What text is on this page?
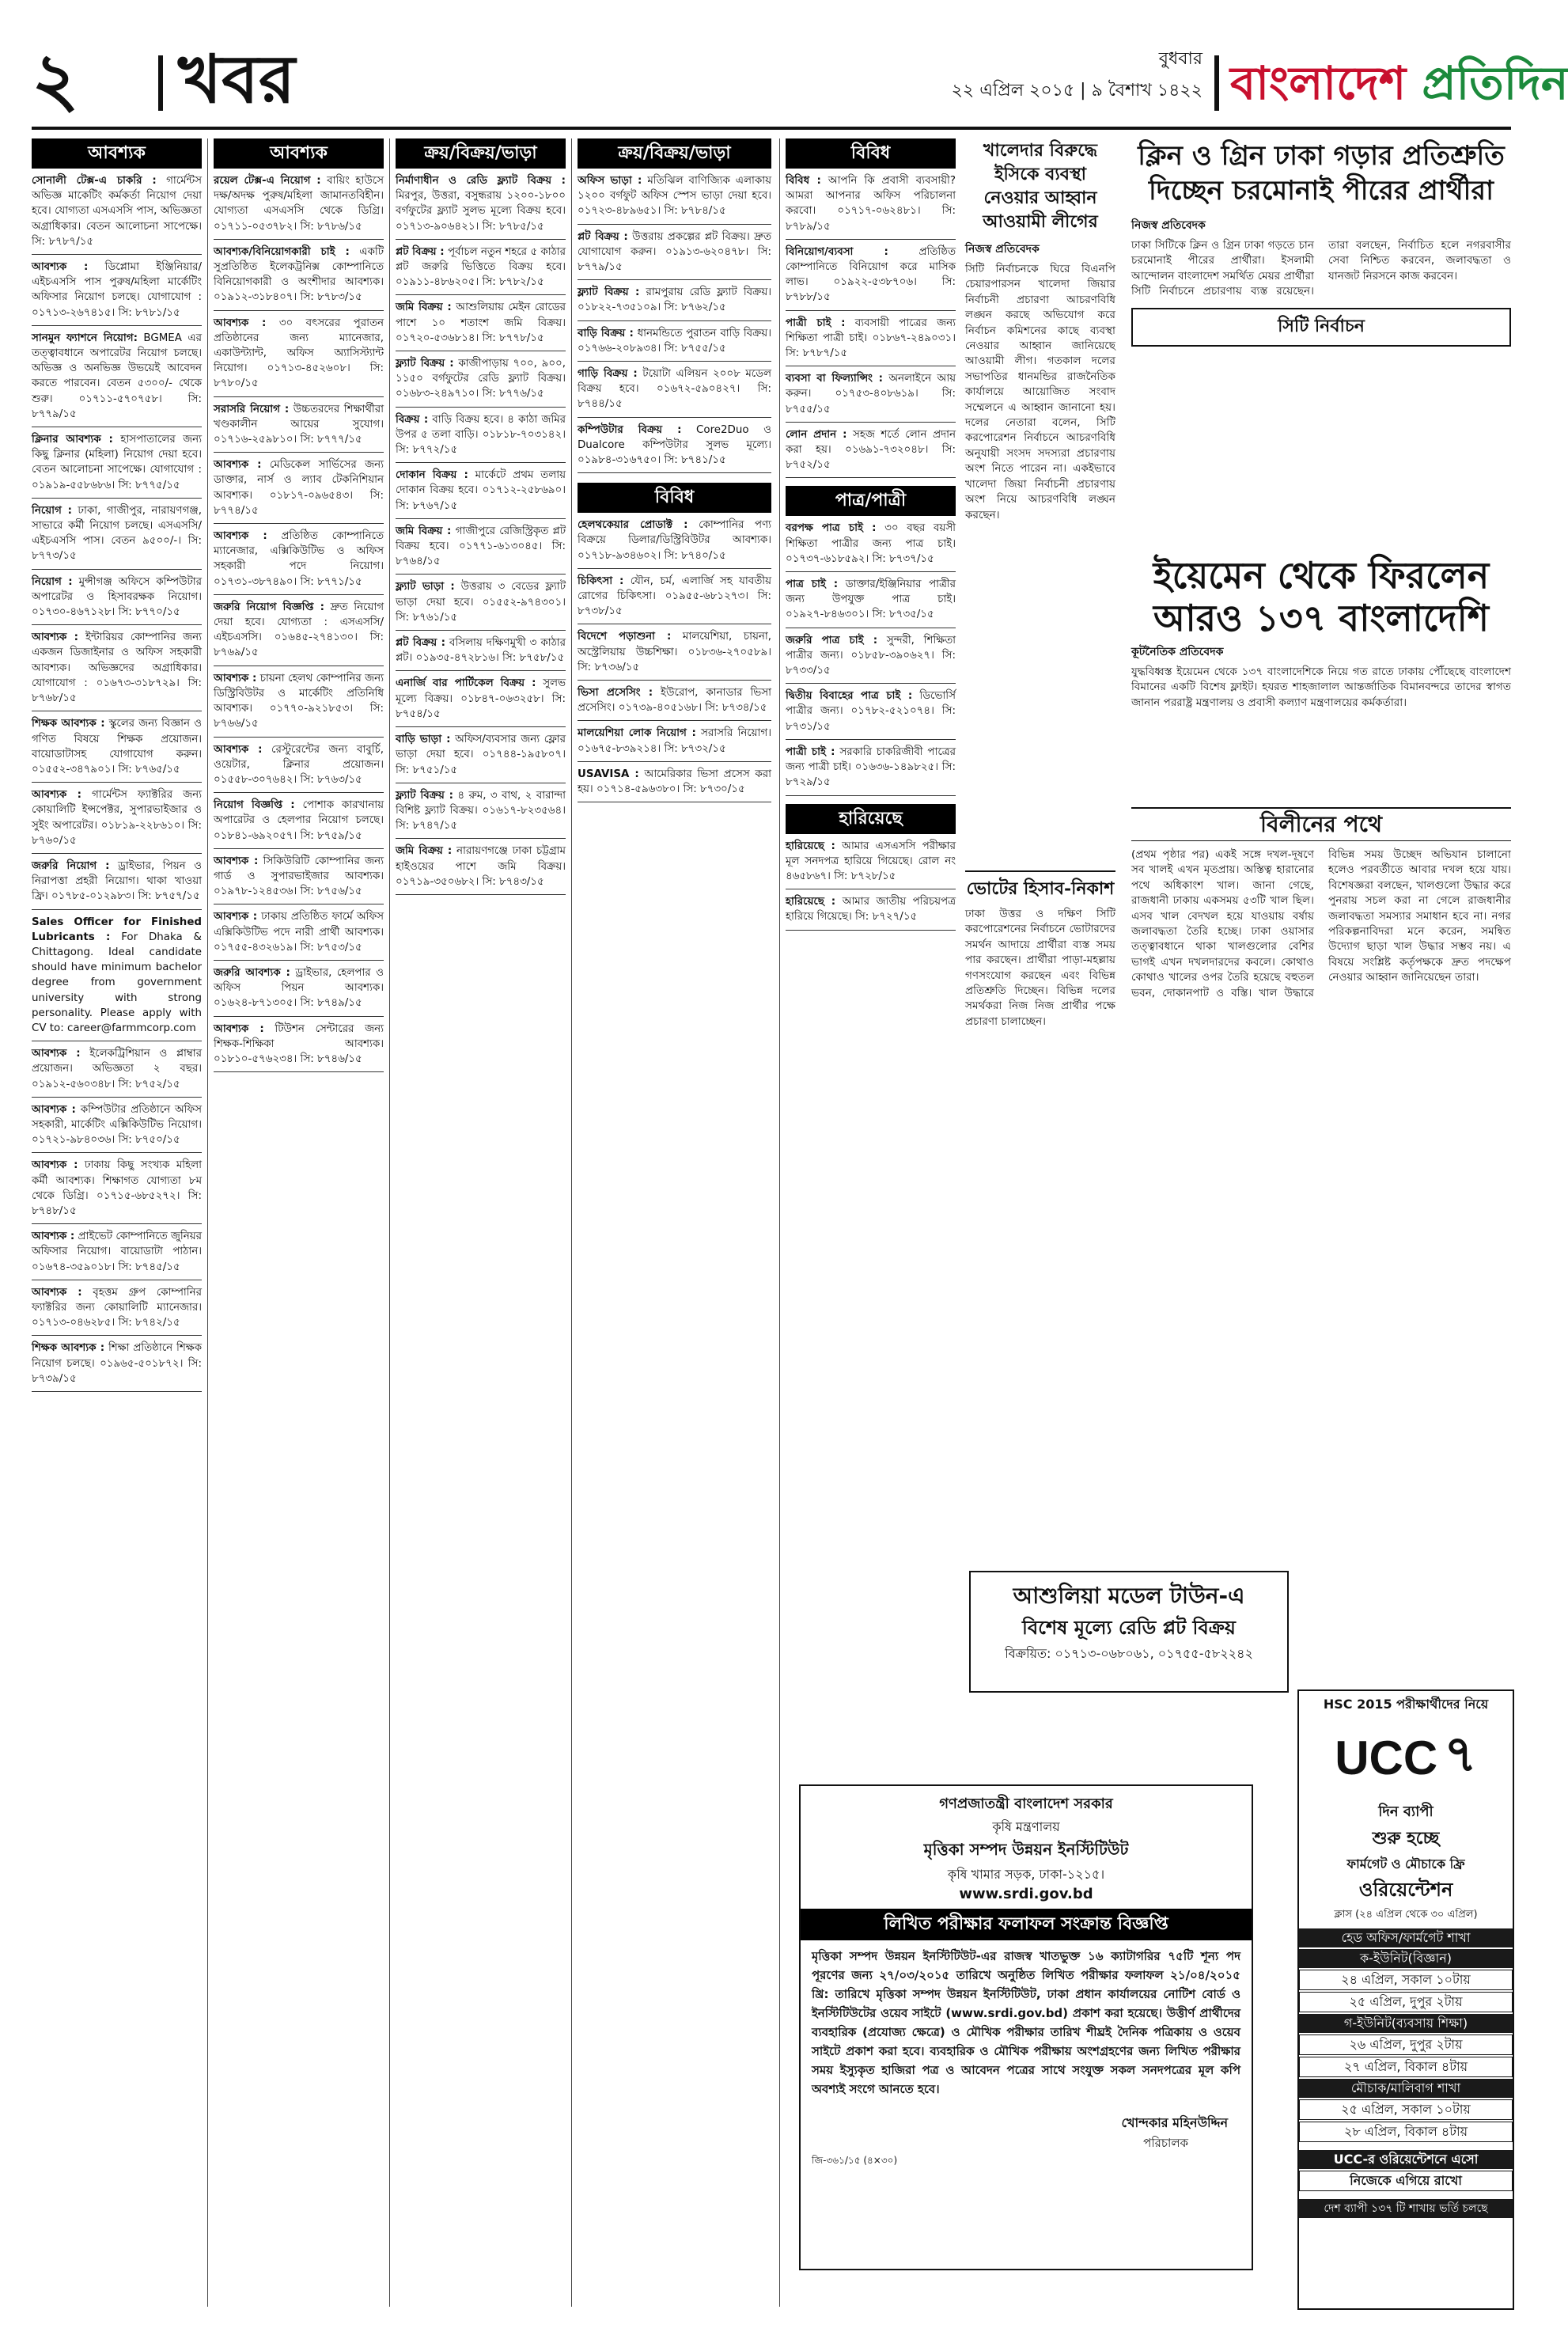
২ খবর	বুধবার
২২ এপ্রিল ২০১৫ | ৯ বৈশাখ ১৪২২ বাংলাদেশ প্রতিদিন
আবশ্যক
সোনালী টেক্স-এ চাকরি : গার্মেন্টস অভিজ্ঞ মাকেটিং কর্মকর্তা নিয়োগ দেয়া হবে। যোগ্যতা এসএসসি পাস, অভিজ্ঞতা অগ্রাধিকার। বেতন আলোচনা সাপেক্ষে। সি: ৮৭৮৭/১৫
আবশ্যক : ডিপ্লোমা ইঞ্জিনিয়ার/ এইচএসসি পাস পুরুষ/মহিলা মার্কেটিং অফিসার নিয়োগ চলছে। যোগাযোগ : ০১৭১৩-২৬৭৪১৫। সি: ৮৭৮১/১৫
সানমুন ফ্যাশনে নিয়োগ: BGMEA এর তত্ত্বাবধানে অপারেটর নিয়োগ চলছে। অভিজ্ঞ ও অনভিজ্ঞ উভয়েই আবেদন করতে পারবেন। বেতন ৫৩০০/- থেকে শুরু। ০১৭১১-৫৭০৭৫৮। সি: ৮৭৭৯/১৫
ক্লিনার আবশ্যক : হাসপাতালের জন্য কিছু ক্লিনার (মহিলা) নিয়োগ দেয়া হবে। বেতন আলোচনা সাপেক্ষে। যোগাযোগ : ০১৯১৯-৫৫৮৬৮৬। সি: ৮৭৭৫/১৫
নিয়োগ : ঢাকা, গাজীপুর, নারায়ণগঞ্জ, সাভারে কর্মী নিয়োগ চলছে। এসএসসি/এইচএসসি পাস। বেতন ৯৫০০/-। সি: ৮৭৭৩/১৫
নিয়োগ : মুন্সীগঞ্জ অফিসে কম্পিউটার অপারেটর ও হিসাবরক্ষক নিয়োগ। ০১৭৩০-৪৬৭১২৮। সি: ৮৭৭০/১৫
আবশ্যক : ইন্টারিয়র কোম্পানির জন্য একজন ডিজাইনার ও অফিস সহকারী আবশ্যক। অভিজ্ঞদের অগ্রাধিকার। যোগাযোগ : ০১৬৭৩-৩১৮৭২৯। সি: ৮৭৬৮/১৫
শিক্ষক আবশ্যক : স্কুলের জন্য বিজ্ঞান ও গণিত বিষয়ে শিক্ষক প্রয়োজন। বায়োডাটাসহ যোগাযোগ করুন। ০১৫৫২-৩৪৭৯০১। সি: ৮৭৬৫/১৫
আবশ্যক : গার্মেন্টস ফ্যাক্টরির জন্য কোয়ালিটি ইন্সপেক্টর, সুপারভাইজার ও সুইং অপারেটর। ০১৮১৯-২২৮৬১০। সি: ৮৭৬০/১৫
জরুরি নিয়োগ : ড্রাইভার, পিয়ন ও নিরাপত্তা প্রহরী নিয়োগ। থাকা খাওয়া ফ্রি। ০১৭৮৫-০১২৯৮৩। সি: ৮৭৫৭/১৫
Sales Officer for Finished Lubricants : For Dhaka & Chittagong. Ideal candidate should have minimum bachelor degree from government university with strong personality. Please apply with CV to: career@farmmcorp.com
আবশ্যক : ইলেকট্রিশিয়ান ও প্লাম্বার প্রয়োজন। অভিজ্ঞতা ২ বছর। ০১৯১২-৫৬০৩৪৮। সি: ৮৭৫২/১৫
আবশ্যক : কম্পিউটার প্রতিষ্ঠানে অফিস সহকারী, মার্কেটিং এক্সিকিউটিভ নিয়োগ। ০১৭২১-৯৮৪০৩৬। সি: ৮৭৫০/১৫
আবশ্যক : ঢাকায় কিছু সংখ্যক মহিলা কর্মী আবশ্যক। শিক্ষাগত যোগ্যতা ৮ম থেকে ডিগ্রি। ০১৭১৫-৬৮৫২৭২। সি: ৮৭৪৮/১৫
আবশ্যক : প্রাইভেট কোম্পানিতে জুনিয়র অফিসার নিয়োগ। বায়োডাটা পাঠান। ০১৬৭৪-৩৫৯০১৮। সি: ৮৭৪৫/১৫
আবশ্যক : বৃহত্তম গ্রুপ কোম্পানির ফ্যাক্টরির জন্য কোয়ালিটি ম্যানেজার। ০১৭১৩-০৪৬২৮৫। সি: ৮৭৪২/১৫
শিক্ষক আবশ্যক : শিক্ষা প্রতিষ্ঠানে শিক্ষক নিয়োগ চলছে। ০১৯৬৫-৫০১৮৭২। সি: ৮৭৩৯/১৫
আবশ্যক
রয়েল টেক্স-এ নিয়োগ : বায়িং হাউসে দক্ষ/অদক্ষ পুরুষ/মহিলা জামানতবিহীন। যোগ্যতা এসএসসি থেকে ডিগ্রি। ০১৭১১-০৫৩৭৮২। সি: ৮৭৮৬/১৫
আবশ্যক/বিনিয়োগকারী চাই : একটি সুপ্রতিষ্ঠিত ইলেকট্রনিক্স কোম্পানিতে বিনিয়োগকারী ও অংশীদার আবশ্যক। ০১৯১২-৩১৮৪০৭। সি: ৮৭৮৩/১৫
আবশ্যক : ৩০ বৎসরের পুরাতন প্রতিষ্ঠানের জন্য ম্যানেজার, একাউন্ট্যান্ট, অফিস অ্যাসিস্ট্যান্ট নিয়োগ। ০১৭১৩-৪৫২৬০৮। সি: ৮৭৮০/১৫
সরাসরি নিয়োগ : উচ্চতরদের শিক্ষার্থীরা খণ্ডকালীন আয়ের সুযোগ। ০১৭১৬-২৫৯৮১০। সি: ৮৭৭৭/১৫
আবশ্যক : মেডিকেল সার্ভিসের জন্য ডাক্তার, নার্স ও ল্যাব টেকনিশিয়ান আবশ্যক। ০১৮১৭-০৯৬৫৪৩। সি: ৮৭৭৪/১৫
আবশ্যক : প্রতিষ্ঠিত কোম্পানিতে ম্যানেজার, এক্সিকিউটিভ ও অফিস সহকারী পদে নিয়োগ। ০১৭৩১-৩৮৭৪৯০। সি: ৮৭৭১/১৫
জরুরি নিয়োগ বিজ্ঞপ্তি : দ্রুত নিয়োগ দেয়া হবে। যোগ্যতা : এসএসসি/এইচএসসি। ০১৬৪৫-২৭৪১৩০। সি: ৮৭৬৯/১৫
আবশ্যক : চায়না হেলথ কোম্পানির জন্য ডিস্ট্রিবিউটর ও মার্কেটিং প্রতিনিধি আবশ্যক। ০১৭৭০-৯২১৮৫৩। সি: ৮৭৬৬/১৫
আবশ্যক : রেস্টুরেন্টের জন্য বাবুর্চি, ওয়েটার, ক্লিনার প্রয়োজন। ০১৫৫৮-৩০৭৬৪২। সি: ৮৭৬৩/১৫
নিয়োগ বিজ্ঞপ্তি : পোশাক কারখানায় অপারেটর ও হেলপার নিয়োগ চলছে। ০১৮৪১-৬৯২০৫৭। সি: ৮৭৫৯/১৫
আবশ্যক : সিকিউরিটি কোম্পানির জন্য গার্ড ও সুপারভাইজার আবশ্যক। ০১৯৭৮-১২৪৫৩৬। সি: ৮৭৫৬/১৫
আবশ্যক : ঢাকায় প্রতিষ্ঠিত ফার্মে অফিস এক্সিকিউটিভ পদে নারী প্রার্থী আবশ্যক। ০১৭৫৫-৪৩২৬১৯। সি: ৮৭৫৩/১৫
জরুরি আবশ্যক : ড্রাইভার, হেলপার ও অফিস পিয়ন আবশ্যক। ০১৬২৪-৮৭১৩০৫। সি: ৮৭৪৯/১৫
আবশ্যক : টিউশন সেন্টারের জন্য শিক্ষক-শিক্ষিকা আবশ্যক। ০১৮১০-৫৭৬২৩৪। সি: ৮৭৪৬/১৫
ক্রয়/বিক্রয়/ভাড়া
নির্মাণাধীন ও রেডি ফ্ল্যাট বিক্রয় : মিরপুর, উত্তরা, বসুন্ধরায় ১২০০-১৮০০ বর্গফুটের ফ্ল্যাট সুলভ মূল্যে বিক্রয় হবে। ০১৭১৩-৯০৬৪২১। সি: ৮৭৮৫/১৫
প্লট বিক্রয় : পূর্বাচল নতুন শহরে ৫ কাঠার প্লট জরুরি ভিত্তিতে বিক্রয় হবে। ০১৯১১-৪৮৬২০৫। সি: ৮৭৮২/১৫
জমি বিক্রয় : আশুলিয়ায় মেইন রোডের পাশে ১০ শতাংশ জমি বিক্রয়। ০১৭২০-৫৩৬৮১৪। সি: ৮৭৭৮/১৫
ফ্ল্যাট বিক্রয় : কাজীপাড়ায় ৭০০, ৯০০, ১১৫০ বর্গফুটের রেডি ফ্ল্যাট বিক্রয়। ০১৬৮৩-২৪৯৭১০। সি: ৮৭৭৬/১৫
বিক্রয় : বাড়ি বিক্রয় হবে। ৪ কাঠা জমির উপর ৫ তলা বাড়ি। ০১৮১৮-৭০৩১৪২। সি: ৮৭৭২/১৫
দোকান বিক্রয় : মার্কেটে প্রথম তলায় দোকান বিক্রয় হবে। ০১৭১২-২৫৮৬৯০। সি: ৮৭৬৭/১৫
জমি বিক্রয় : গাজীপুরে রেজিস্ট্রিকৃত প্লট বিক্রয় হবে। ০১৭৭১-৬১৩০৪৫। সি: ৮৭৬৪/১৫
ফ্ল্যাট ভাড়া : উত্তরায় ৩ বেডের ফ্ল্যাট ভাড়া দেয়া হবে। ০১৫৫২-৯৭৪৩০১। সি: ৮৭৬১/১৫
প্লট বিক্রয় : বসিলায় দক্ষিণমুখী ৩ কাঠার প্লট। ০১৯৩৫-৪৭২৮১৬। সি: ৮৭৫৮/১৫
এনার্জি বার পার্টিকেল বিক্রয় : সুলভ মূল্যে বিক্রয়। ০১৮৪৭-০৬৩২৫৮। সি: ৮৭৫৪/১৫
বাড়ি ভাড়া : অফিস/ব্যবসার জন্য ফ্লোর ভাড়া দেয়া হবে। ০১৭৪৪-১৯৫৮০৭। সি: ৮৭৫১/১৫
ফ্ল্যাট বিক্রয় : ৪ রুম, ৩ বাথ, ২ বারান্দা বিশিষ্ট ফ্ল্যাট বিক্রয়। ০১৬১৭-৮২৩৫৬৪। সি: ৮৭৪৭/১৫
জমি বিক্রয় : নারায়ণগঞ্জে ঢাকা চট্টগ্রাম হাইওয়ের পাশে জমি বিক্রয়। ০১৭১৯-৩৫০৬৮২। সি: ৮৭৪৩/১৫
ক্রয়/বিক্রয়/ভাড়া
অফিস ভাড়া : মতিঝিল বাণিজ্যিক এলাকায় ১২০০ বর্গফুট অফিস স্পেস ভাড়া দেয়া হবে। ০১৭২৩-৪৮৯৬৫১। সি: ৮৭৮৪/১৫
প্লট বিক্রয় : উত্তরায় প্রকল্পের প্লট বিক্রয়। দ্রুত যোগাযোগ করুন। ০১৯১৩-৬২০৪৭৮। সি: ৮৭৭৯/১৫
ফ্ল্যাট বিক্রয় : রামপুরায় রেডি ফ্ল্যাট বিক্রয়। ০১৮২২-৭৩৫১০৯। সি: ৮৭৬২/১৫
বাড়ি বিক্রয় : ধানমন্ডিতে পুরাতন বাড়ি বিক্রয়। ০১৭৬৬-২০৮৯৩৪। সি: ৮৭৫৫/১৫
গাড়ি বিক্রয় : টয়োটা এলিয়ন ২০০৮ মডেল বিক্রয় হবে। ০১৬৭২-৫৯০৪২৭। সি: ৮৭৪৪/১৫
কম্পিউটার বিক্রয় : Core2Duo ও Dualcore কম্পিউটার সুলভ মূল্যে। ০১৯৮৪-৩১৬৭৫০। সি: ৮৭৪১/১৫
বিবিধ
হেলথকেয়ার প্রোডাক্ট : কোম্পানির পণ্য বিক্রয়ে ডিলার/ডিস্ট্রিবিউটর আবশ্যক। ০১৭১৮-৯৩৪৬০২। সি: ৮৭৪০/১৫
চিকিৎসা : যৌন, চর্ম, এলার্জি সহ যাবতীয় রোগের চিকিৎসা। ০১৯৫৫-৬৮১২৭৩। সি: ৮৭৩৮/১৫
বিদেশে পড়াশুনা : মালয়েশিয়া, চায়না, অস্ট্রেলিয়ায় উচ্চশিক্ষা। ০১৮৩৬-২৭০৫৮৯। সি: ৮৭৩৬/১৫
ভিসা প্রসেসিং : ইউরোপ, কানাডার ভিসা প্রসেসিং। ০১৭৩৯-৪০৫১৬৮। সি: ৮৭৩৪/১৫
মালয়েশিয়া লোক নিয়োগ : সরাসরি নিয়োগ। ০১৬৭৫-৮৩৯২১৪। সি: ৮৭৩২/১৫
USAVISA : আমেরিকার ভিসা প্রসেস করা হয়। ০১৭১৪-৫৯৬৩৮০। সি: ৮৭৩০/১৫
বিবিধ
বিবিধ : আপনি কি প্রবাসী ব্যবসায়ী? আমরা আপনার অফিস পরিচালনা করবো। ০১৭১৭-০৬২৪৮১। সি: ৮৭৮৯/১৫
বিনিয়োগ/ব্যবসা : প্রতিষ্ঠিত কোম্পানিতে বিনিয়োগ করে মাসিক লাভ। ০১৯২২-৫৩৮৭০৬। সি: ৮৭৮৮/১৫
পাত্রী চাই : ব্যবসায়ী পাত্রের জন্য শিক্ষিতা পাত্রী চাই। ০১৮৬৭-২৪৯০৩১। সি: ৮৭৮৭/১৫
ব্যবসা বা ফিল্যান্সিং : অনলাইনে আয় করুন। ০১৭৫৩-৪০৮৬১৯। সি: ৮৭৫৫/১৫
লোন প্রদান : সহজ শর্তে লোন প্রদান করা হয়। ০১৬৯১-৭৩২০৪৮। সি: ৮৭৫২/১৫
পাত্র/পাত্রী
বরপক্ষ পাত্র চাই : ৩০ বছর বয়সী শিক্ষিতা পাত্রীর জন্য পাত্র চাই। ০১৭৩৭-৬১৮৫৯২। সি: ৮৭৩৭/১৫
পাত্র চাই : ডাক্তার/ইঞ্জিনিয়ার পাত্রীর জন্য উপযুক্ত পাত্র চাই। ০১৯২৭-৮৪৬৩০১। সি: ৮৭৩৫/১৫
জরুরি পাত্র চাই : সুন্দরী, শিক্ষিতা পাত্রীর জন্য। ০১৮৫৮-৩৯০৬২৭। সি: ৮৭৩৩/১৫
দ্বিতীয় বিবাহের পাত্র চাই : ডিভোর্সি পাত্রীর জন্য। ০১৭৮২-৫২১০৭৪। সি: ৮৭৩১/১৫
পাত্রী চাই : সরকারি চাকরিজীবী পাত্রের জন্য পাত্রী চাই। ০১৬৩৬-১৪৯৮২৫। সি: ৮৭২৯/১৫
হারিয়েছে
হারিয়েছে : আমার এসএসসি পরীক্ষার মূল সনদপত্র হারিয়ে গিয়েছে। রোল নং ৪৬৫৮৬৭। সি: ৮৭২৮/১৫
হারিয়েছে : আমার জাতীয় পরিচয়পত্র হারিয়ে গিয়েছে। সি: ৮৭২৭/১৫
খালেদার বিরুদ্ধে ইসিকে ব্যবস্থা নেওয়ার আহ্বান আওয়ামী লীগের
নিজস্ব প্রতিবেদক
সিটি নির্বাচনকে ঘিরে বিএনপি চেয়ারপারসন খালেদা জিয়ার নির্বাচনী প্রচারণা আচরণবিধি লঙ্ঘন করছে অভিযোগ করে নির্বাচন কমিশনের কাছে ব্যবস্থা নেওয়ার আহ্বান জানিয়েছে আওয়ামী লীগ। গতকাল দলের সভাপতির ধানমন্ডির রাজনৈতিক কার্যালয়ে আয়োজিত সংবাদ সম্মেলনে এ আহ্বান জানানো হয়। দলের নেতারা বলেন, সিটি করপোরেশন নির্বাচনে আচরণবিধি অনুযায়ী সংসদ সদস্যরা প্রচারণায় অংশ নিতে পারেন না। একইভাবে খালেদা জিয়া নির্বাচনী প্রচারণায় অংশ নিয়ে আচরণবিধি লঙ্ঘন করছেন।
ভোটের হিসাব-নিকাশ
ঢাকা উত্তর ও দক্ষিণ সিটি করপোরেশনের নির্বাচনে ভোটারদের সমর্থন আদায়ে প্রার্থীরা ব্যস্ত সময় পার করছেন। প্রার্থীরা পাড়া-মহল্লায় গণসংযোগ করছেন এবং বিভিন্ন প্রতিশ্রুতি দিচ্ছেন। বিভিন্ন দলের সমর্থকরা নিজ নিজ প্রার্থীর পক্ষে প্রচারণা চালাচ্ছেন।
ক্লিন ও গ্রিন ঢাকা গড়ার প্রতিশ্রুতি দিচ্ছেন চরমোনাই পীরের প্রার্থীরা
নিজস্ব প্রতিবেদক
ঢাকা সিটিকে ক্লিন ও গ্রিন ঢাকা গড়তে চান চরমোনাই পীরের প্রার্থীরা। ইসলামী আন্দোলন বাংলাদেশ সমর্থিত মেয়র প্রার্থীরা সিটি নির্বাচনে প্রচারণায় ব্যস্ত রয়েছেন। তারা বলছেন, নির্বাচিত হলে নগরবাসীর সেবা নিশ্চিত করবেন, জলাবদ্ধতা ও যানজট নিরসনে কাজ করবেন।
সিটি নির্বাচন
ইয়েমেন থেকে ফিরলেন আরও ১৩৭ বাংলাদেশি
কূটনৈতিক প্রতিবেদক
যুদ্ধবিধ্বস্ত ইয়েমেন থেকে ১৩৭ বাংলাদেশিকে নিয়ে গত রাতে ঢাকায় পৌঁছেছে বাংলাদেশ বিমানের একটি বিশেষ ফ্লাইট। হযরত শাহজালাল আন্তর্জাতিক বিমানবন্দরে তাদের স্বাগত জানান পররাষ্ট্র মন্ত্রণালয় ও প্রবাসী কল্যাণ মন্ত্রণালয়ের কর্মকর্তারা।
বিলীনের পথে
(প্রথম পৃষ্ঠার পর) একই সঙ্গে দখল-দূষণে সব খালই এখন মৃতপ্রায়। অস্তিত্ব হারানোর পথে অধিকাংশ খাল। জানা গেছে, রাজধানী ঢাকায় একসময় ৫৩টি খাল ছিল। এসব খাল বেদখল হয়ে যাওয়ায় বর্ষায় জলাবদ্ধতা তৈরি হচ্ছে। ঢাকা ওয়াসার তত্ত্বাবধানে থাকা খালগুলোর বেশির ভাগই এখন দখলদারদের কবলে। কোথাও কোথাও খালের ওপর তৈরি হয়েছে বহুতল ভবন, দোকানপাট ও বস্তি। খাল উদ্ধারে বিভিন্ন সময় উচ্ছেদ অভিযান চালানো হলেও পরবর্তীতে আবার দখল হয়ে যায়। বিশেষজ্ঞরা বলছেন, খালগুলো উদ্ধার করে পুনরায় সচল করা না গেলে রাজধানীর জলাবদ্ধতা সমস্যার সমাধান হবে না। নগর পরিকল্পনাবিদরা মনে করেন, সমন্বিত উদ্যোগ ছাড়া খাল উদ্ধার সম্ভব নয়। এ বিষয়ে সংশ্লিষ্ট কর্তৃপক্ষকে দ্রুত পদক্ষেপ নেওয়ার আহ্বান জানিয়েছেন তারা।
আশুলিয়া মডেল টাউন-এ
বিশেষ মূল্যে রেডি প্লট বিক্রয়
বিক্রয়িত: ০১৭১৩-০৬৮০৬১, ০১৭৫৫-৫৮২২৪২
গণপ্রজাতন্ত্রী বাংলাদেশ সরকার
কৃষি মন্ত্রণালয়
মৃত্তিকা সম্পদ উন্নয়ন ইনস্টিটিউট
কৃষি খামার সড়ক, ঢাকা-১২১৫।
www.srdi.gov.bd
লিখিত পরীক্ষার ফলাফল সংক্রান্ত বিজ্ঞপ্তি
মৃত্তিকা সম্পদ উন্নয়ন ইনস্টিটিউট-এর রাজস্ব খাতভুক্ত ১৬ ক্যাটাগরির ৭৫টি শূন্য পদ পূরণের জন্য ২৭/০৩/২০১৫ তারিখে অনুষ্ঠিত লিখিত পরীক্ষার ফলাফল ২১/০৪/২০১৫ খ্রি: তারিখে মৃত্তিকা সম্পদ উন্নয়ন ইনস্টিটিউট, ঢাকা প্রধান কার্যালয়ের নোটিশ বোর্ড ও ইনস্টিটিউটের ওয়েব সাইটে (www.srdi.gov.bd) প্রকাশ করা হয়েছে। উত্তীর্ণ প্রার্থীদের ব্যবহারিক (প্রযোজ্য ক্ষেত্রে) ও মৌখিক পরীক্ষার তারিখ শীঘ্রই দৈনিক পত্রিকায় ও ওয়েব সাইটে প্রকাশ করা হবে। ব্যবহারিক ও মৌখিক পরীক্ষায় অংশগ্রহণের জন্য লিখিত পরীক্ষার সময় ইস্যুকৃত হাজিরা পত্র ও আবেদন পত্রের সাথে সংযুক্ত সকল সনদপত্রের মূল কপি অবশ্যই সংগে আনতে হবে।
খোন্দকার মহিনউদ্দিন
পরিচালক
জি-৩৬১/১৫ (৪×৩০)
HSC 2015 পরীক্ষার্থীদের নিয়ে
UCC ৭
দিন ব্যাপী
শুরু হচ্ছে
ফার্মগেট ও মৌচাকে ফ্রি
ওরিয়েন্টেশন
ক্লাস (২৪ এপ্রিল থেকে ৩০ এপ্রিল)
হেড অফিস/ফার্মগেট শাখা
ক-ইউনিট(বিজ্ঞান)
২৪ এপ্রিল, সকাল ১০টায়
২৫ এপ্রিল, দুপুর ২টায়
গ-ইউনিট(ব্যবসায় শিক্ষা)
২৬ এপ্রিল, দুপুর ২টায়
২৭ এপ্রিল, বিকাল ৪টায়
মৌচাক/মালিবাগ শাখা
২৫ এপ্রিল, সকাল ১০টায়
২৮ এপ্রিল, বিকাল ৪টায়
UCC-র ওরিয়েন্টেশনে এসো
নিজেকে এগিয়ে রাখো
দেশ ব্যাপী ১৩৭ টি শাখায় ভর্তি চলছে
